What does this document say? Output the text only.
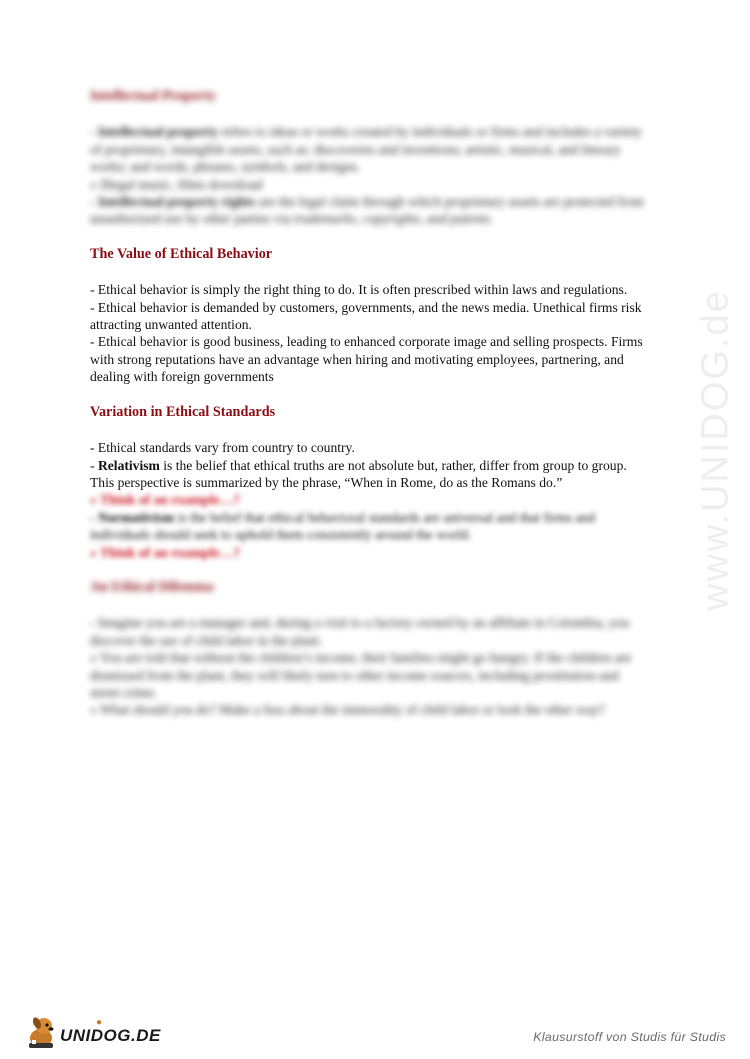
www.UNIDOG.de

Intellectual Property

- Intellectual property refers to ideas or works created by individuals or firms and includes a variety of proprietary, intangible assets, such as: discoveries and inventions; artistic, musical, and literary works; and words, phrases, symbols, and designs.

» Illegal music, films download

- Intellectual property rights are the legal claim through which proprietary assets are protected from unauthorized use by other parties via trademarks, copyrights, and patents.

The Value of Ethical Behavior

- Ethical behavior is simply the right thing to do. It is often prescribed within laws and regulations.

- Ethical behavior is demanded by customers, governments, and the news media. Unethical firms risk attracting unwanted attention.

- Ethical behavior is good business, leading to enhanced corporate image and selling prospects. Firms with strong reputations have an advantage when hiring and motivating employees, partnering, and dealing with foreign governments

Variation in Ethical Standards

- Ethical standards vary from country to country.

- Relativism is the belief that ethical truths are not absolute but, rather, differ from group to group. This perspective is summarized by the phrase, “When in Rome, do as the Romans do.”

» Think of an example…?

- Normativism is the belief that ethical behavioral standards are universal and that firms and individuals should seek to uphold them consistently around the world.

» Think of an example…?

An Ethical Dilemma

- Imagine you are a manager and, during a visit to a factory owned by an affiliate in Colombia, you discover the use of child labor in the plant.

» You are told that without the children’s income, their families might go hungry. If the children are dismissed from the plant, they will likely turn to other income sources, including prostitution and street crime.

» What should you do? Make a fuss about the immorality of child labor or look the other way?

●
UNIDOG.DE	Klausurstoff von Studis für Studis
